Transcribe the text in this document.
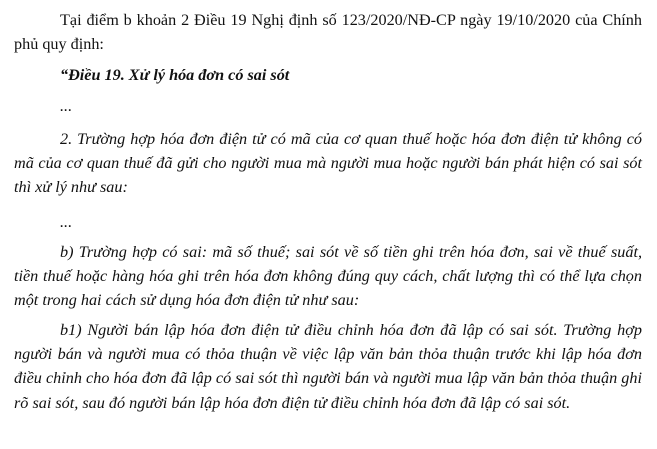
Tại điểm b khoản 2 Điều 19 Nghị định số 123/2020/NĐ-CP ngày 19/10/2020 của Chính phủ quy định:

“Điều 19. Xử lý hóa đơn có sai sót

...

2. Trường hợp hóa đơn điện tử có mã của cơ quan thuế hoặc hóa đơn điện tử không có mã của cơ quan thuế đã gửi cho người mua mà người mua hoặc người bán phát hiện có sai sót thì xử lý như sau:

...

b) Trường hợp có sai: mã số thuế; sai sót về số tiền ghi trên hóa đơn, sai về thuế suất, tiền thuế hoặc hàng hóa ghi trên hóa đơn không đúng quy cách, chất lượng thì có thể lựa chọn một trong hai cách sử dụng hóa đơn điện tử như sau:

b1) Người bán lập hóa đơn điện tử điều chỉnh hóa đơn đã lập có sai sót. Trường hợp người bán và người mua có thỏa thuận về việc lập văn bản thỏa thuận trước khi lập hóa đơn điều chỉnh cho hóa đơn đã lập có sai sót thì người bán và người mua lập văn bản thỏa thuận ghi rõ sai sót, sau đó người bán lập hóa đơn điện tử điều chỉnh hóa đơn đã lập có sai sót.
